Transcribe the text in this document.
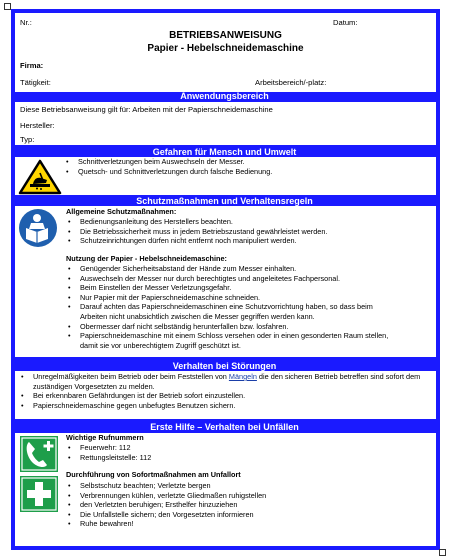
Nr.:	Datum:
BETRIEBSANWEISUNG
Papier - Hebelschneidemaschine
Firma:
Tätigkeit:	Arbeitsbereich/-platz:
Anwendungsbereich
Diese Betriebsanweisung gilt für: Arbeiten mit der Papierschneidemaschine
Hersteller:
Typ:
Gefahren für Mensch und Umwelt
• Schnittverletzungen beim Auswechseln der Messer.
• Quetsch- und Schnittverletzungen durch falsche Bedienung.
Schutzmaßnahmen und Verhaltensregeln
Allgemeine Schutzmaßnahmen:
• Bedienungsanleitung des Herstellers beachten.
• Die Betriebssicherheit muss in jedem Betriebszustand gewährleistet werden.
• Schutzeinrichtungen dürfen nicht entfernt noch manipuliert werden.
Nutzung der Papier - Hebelschneidemaschine:
• Genügender Sicherheitsabstand der Hände zum Messer einhalten.
• Auswechseln der Messer nur durch berechtigtes und angeleitetes Fachpersonal.
• Beim Einstellen der Messer Verletzungsgefahr.
• Nur Papier mit der Papierschneidemaschine schneiden.
• Darauf achten das Papierschneidemaschinen eine Schutzvorrichtung haben, so dass beim Arbeiten nicht unabsichtlich zwischen die Messer gegriffen werden kann.
• Obermesser darf nicht selbständig herunterfallen bzw. losfahren.
• Papierschneidemaschine mit einem Schloss versehen oder in einen gesonderten Raum stellen, damit sie vor unberechtigtem Zugriff geschützt ist.
Verhalten bei Störungen
• Unregelmäßigkeiten beim Betrieb oder beim Feststellen von Mängeln die den sicheren Betrieb betreffen sind sofort dem zuständigen Vorgesetzten zu melden.
• Bei erkennbaren Gefährdungen ist der Betrieb sofort einzustellen.
• Papierschneidemaschine gegen unbefugtes Benutzen sichern.
Erste Hilfe – Verhalten bei Unfällen
Wichtige Rufnummern
• Feuerwehr: 112
• Rettungsleitstelle: 112
Durchführung von Sofortmaßnahmen am Unfallort
• Selbstschutz beachten; Verletzte bergen
• Verbrennungen kühlen, verletzte Gliedmaßen ruhigstellen
• den Verletzten beruhigen; Ersthelfer hinzuziehen
• Die Unfallstelle sichern; den Vorgesetzten informieren
• Ruhe bewahren!
